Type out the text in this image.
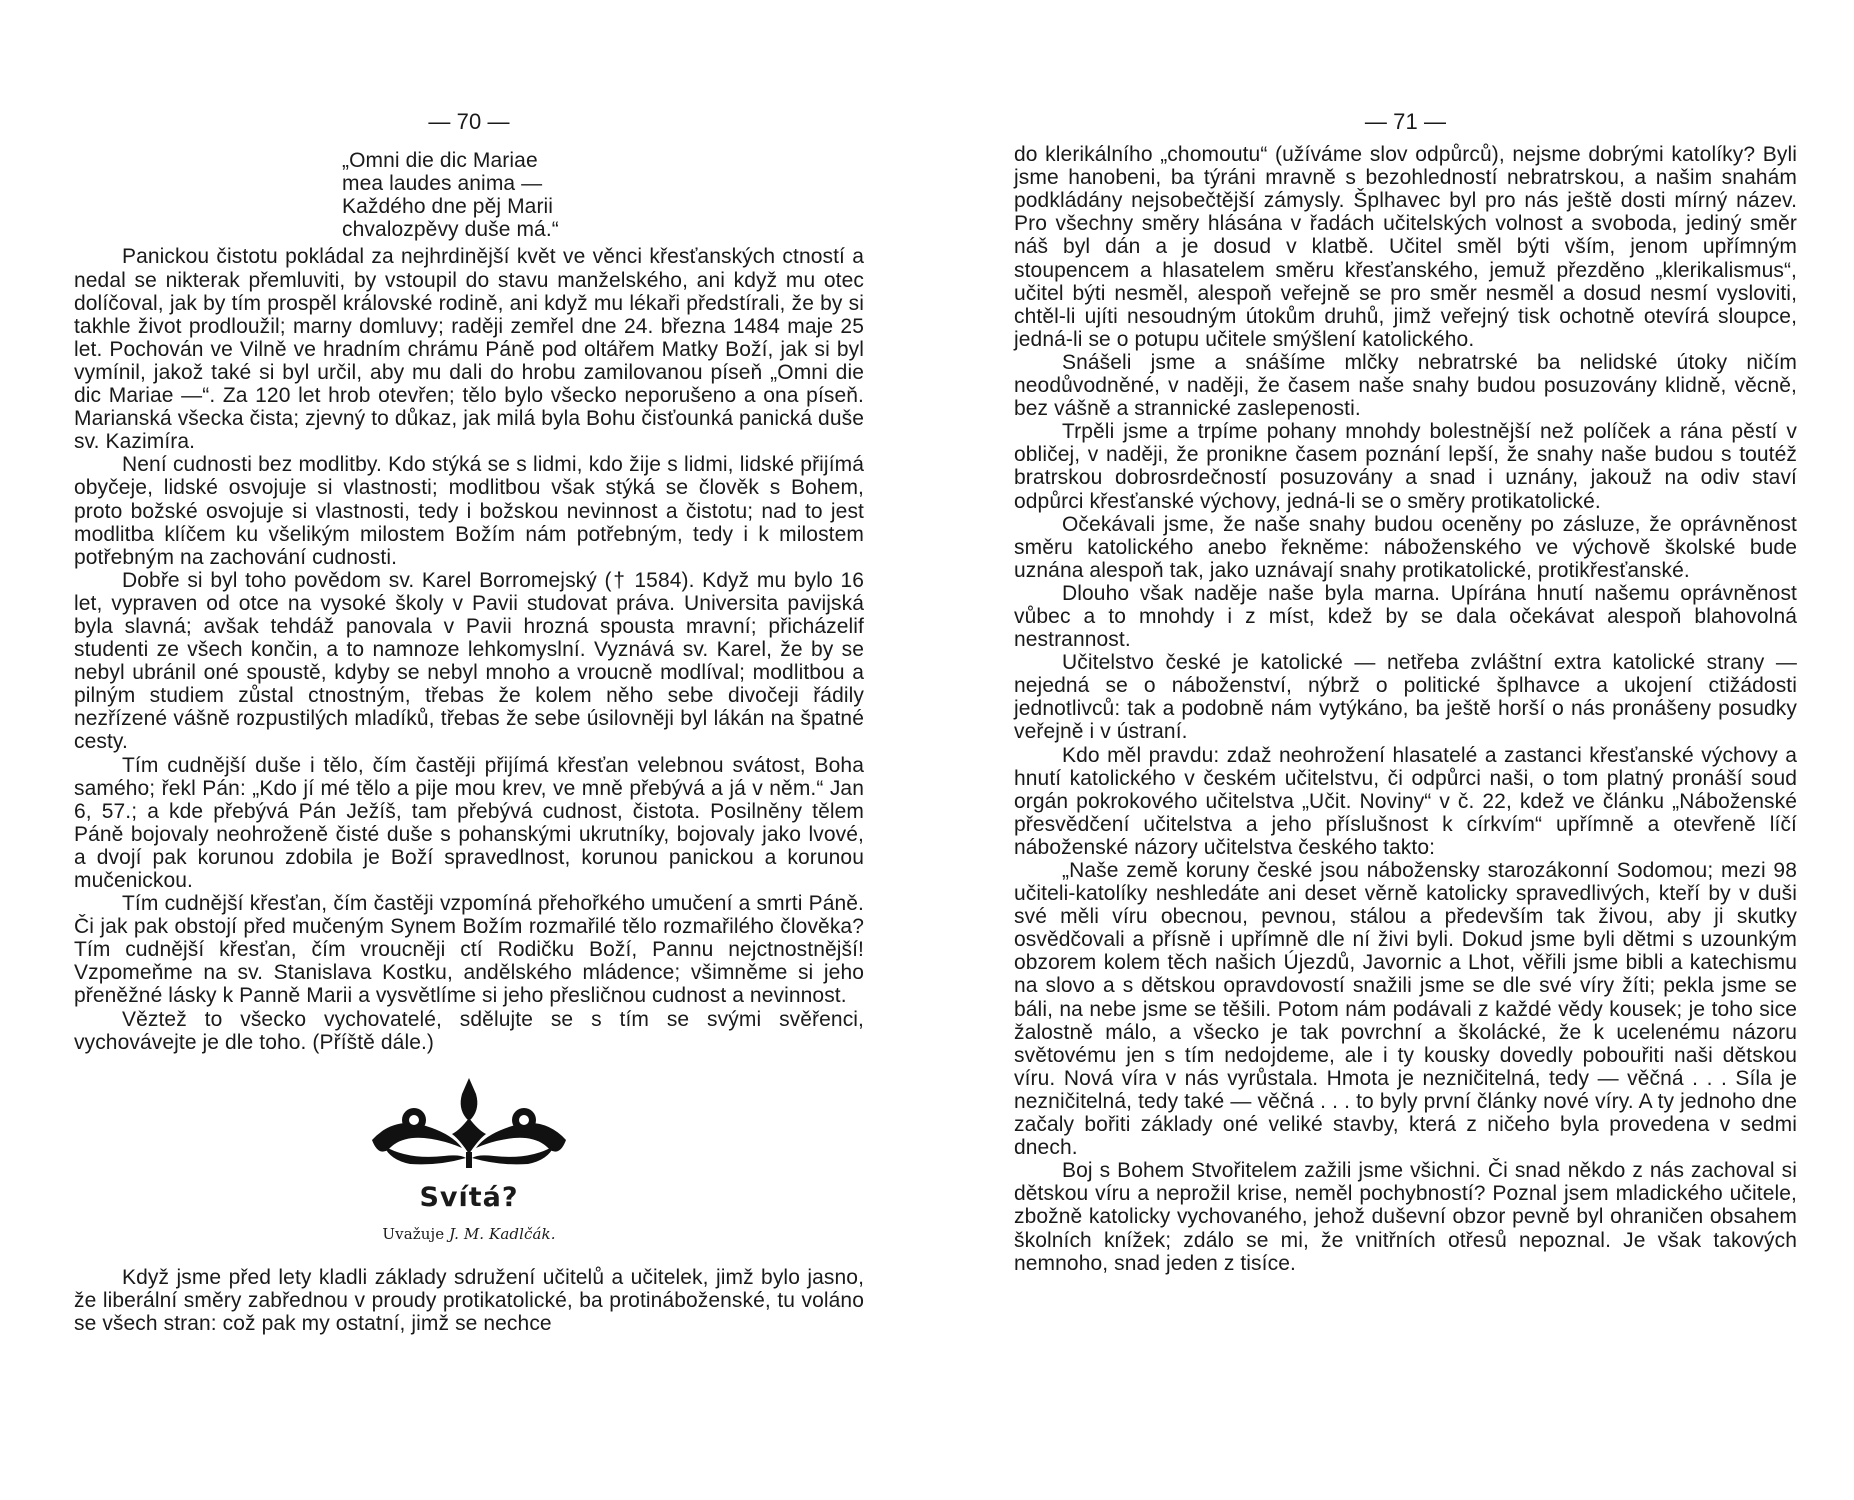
— 70 —
„Omni die dic Mariae
mea laudes anima —
Každého dne pěj Marii
chvalozpěvy duše má.“

Panickou čistotu pokládal za nejhrdinější květ ve věnci křesťanských ctností a nedal se nikterak přemluviti, by vstoupil do stavu manželského, ani když mu otec dolíčoval, jak by tím prospěl královské rodině, ani když mu lékaři předstírali, že by si takhle život prodloužil; marny domluvy; raději zemřel dne 24. března 1484 maje 25 let. Pochován ve Vilně ve hradním chrámu Páně pod oltářem Matky Boží, jak si byl vymínil, jakož také si byl určil, aby mu dali do hrobu zamilovanou píseň „Omni die dic Mariae —“. Za 120 let hrob otevřen; tělo bylo všecko neporušeno a ona píseň. Marianská všecka čista; zjevný to důkaz, jak milá byla Bohu čisťounká panická duše sv. Kazimíra.

Není cudnosti bez modlitby. Kdo stýká se s lidmi, kdo žije s lidmi, lidské přijímá obyčeje, lidské osvojuje si vlastnosti; modlitbou však stýká se člověk s Bohem, proto božské osvojuje si vlastnosti, tedy i božskou nevinnost a čistotu; nad to jest modlitba klíčem ku všelikým milostem Božím nám potřebným, tedy i k milostem potřebným na zachování cudnosti.

Dobře si byl toho povědom sv. Karel Borromejský († 1584). Když mu bylo 16 let, vypraven od otce na vysoké školy v Pavii studovat práva. Universita pavijská byla slavná; avšak tehdáž panovala v Pavii hrozná spousta mravní; přicházelif studenti ze všech končin, a to namnoze lehkomyslní. Vyznává sv. Karel, že by se nebyl ubránil oné spoustě, kdyby se nebyl mnoho a vroucně modlíval; modlitbou a pilným studiem zůstal ctnostným, třebas že kolem něho sebe divočeji řádily nezřízené vášně rozpustilých mladíků, třebas že sebe úsilovněji byl lákán na špatné cesty.

Tím cudnější duše i tělo, čím častěji přijímá křesťan velebnou svátost, Boha samého; řekl Pán: „Kdo jí mé tělo a pije mou krev, ve mně přebývá a já v něm.“ Jan 6, 57.; a kde přebývá Pán Ježíš, tam přebývá cudnost, čistota. Posilněny tělem Páně bojovaly neohroženě čisté duše s pohanskými ukrutníky, bojovaly jako lvové, a dvojí pak korunou zdobila je Boží spravedlnost, korunou panickou a korunou mučenickou.

Tím cudnější křesťan, čím častěji vzpomíná přehořkého umučení a smrti Páně. Či jak pak obstojí před mučeným Synem Božím rozmařilé tělo rozmařilého člověka? Tím cudnější křesťan, čím vroucněji ctí Rodičku Boží, Pannu nejctnostnější! Vzpomeňme na sv. Stanislava Kostku, andělského mládence; všimněme si jeho přeněžné lásky k Panně Marii a vysvětlíme si jeho přesličnou cudnost a nevinnost.

Věztež to všecko vychovatelé, sdělujte se s tím se svými svěřenci, vychovávejte je dle toho. (Příště dále.)

Svítá?
Uvažuje J. M. Kadlčák.

Když jsme před lety kladli základy sdružení učitelů a učitelek, jimž bylo jasno, že liberální směry zabřednou v proudy protikatolické, ba protináboženské, tu voláno se všech stran: což pak my ostatní, jimž se nechce

— 71 —

do klerikálního „chomoutu“ (užíváme slov odpůrců), nejsme dobrými katolíky? Byli jsme hanobeni, ba týráni mravně s bezohledností nebratrskou, a našim snahám podkládány nejsobečtější zámysly. Šplhavec byl pro nás ještě dosti mírný název. Pro všechny směry hlásána v řadách učitelských volnost a svoboda, jediný směr náš byl dán a je dosud v klatbě. Učitel směl býti vším, jenom upřímným stoupencem a hlasatelem směru křesťanského, jemuž přezděno „klerikalismus“, učitel býti nesměl, alespoň veřejně se pro směr nesměl a dosud nesmí vysloviti, chtěl-li ujíti nesoudným útokům druhů, jimž veřejný tisk ochotně otevírá sloupce, jedná-li se o potupu učitele smýšlení katolického.

Snášeli jsme a snášíme mlčky nebratrské ba nelidské útoky ničím neodůvodněné, v naději, že časem naše snahy budou posuzovány klidně, věcně, bez vášně a strannické zaslepenosti.

Trpěli jsme a trpíme pohany mnohdy bolestnější než políček a rána pěstí v obličej, v naději, že pronikne časem poznání lepší, že snahy naše budou s toutéž bratrskou dobrosrdečností posuzovány a snad i uznány, jakouž na odiv staví odpůrci křesťanské výchovy, jedná-li se o směry protikatolické.

Očekávali jsme, že naše snahy budou oceněny po zásluze, že oprávněnost směru katolického anebo řekněme: náboženského ve výchově školské bude uznána alespoň tak, jako uznávají snahy protikatolické, protikřesťanské.

Dlouho však naděje naše byla marna. Upírána hnutí našemu oprávněnost vůbec a to mnohdy i z míst, kdež by se dala očekávat alespoň blahovolná nestrannost.

Učitelstvo české je katolické — netřeba zvláštní extra katolické strany — nejedná se o náboženství, nýbrž o politické šplhavce a ukojení ctižádosti jednotlivců: tak a podobně nám vytýkáno, ba ještě horší o nás pronášeny posudky veřejně i v ústraní.

Kdo měl pravdu: zdaž neohrožení hlasatelé a zastanci křesťanské výchovy a hnutí katolického v českém učitelstvu, či odpůrci naši, o tom platný pronáší soud orgán pokrokového učitelstva „Učit. Noviny“ v č. 22, kdež ve článku „Náboženské přesvědčení učitelstva a jeho příslušnost k církvím“ upřímně a otevřeně líčí náboženské názory učitelstva českého takto:

„Naše země koruny české jsou nábožensky starozákonní Sodomou; mezi 98 učiteli-katolíky neshledáte ani deset věrně katolicky spravedlivých, kteří by v duši své měli víru obecnou, pevnou, stálou a především tak živou, aby ji skutky osvědčovali a přísně i upřímně dle ní živi byli. Dokud jsme byli dětmi s uzounkým obzorem kolem těch našich Újezdů, Javornic a Lhot, věřili jsme bibli a katechismu na slovo a s dětskou opravdovostí snažili jsme se dle své víry žíti; pekla jsme se báli, na nebe jsme se těšili. Potom nám podávali z každé vědy kousek; je toho sice žalostně málo, a všecko je tak povrchní a školácké, že k ucelenému názoru světovému jen s tím nedojdeme, ale i ty kousky dovedly pobouřiti naši dětskou víru. Nová víra v nás vyrůstala. Hmota je nezničitelná, tedy — věčná . . . Síla je nezničitelná, tedy také — věčná . . . to byly první články nové víry. A ty jednoho dne začaly bořiti základy oné veliké stavby, která z ničeho byla provedena v sedmi dnech.

Boj s Bohem Stvořitelem zažili jsme všichni. Či snad někdo z nás zachoval si dětskou víru a neprožil krise, neměl pochybností? Poznal jsem mladického učitele, zbožně katolicky vychovaného, jehož duševní obzor pevně byl ohraničen obsahem školních knížek; zdálo se mi, že vnitřních otřesů nepoznal. Je však takových nemnoho, snad jeden z tisíce.
